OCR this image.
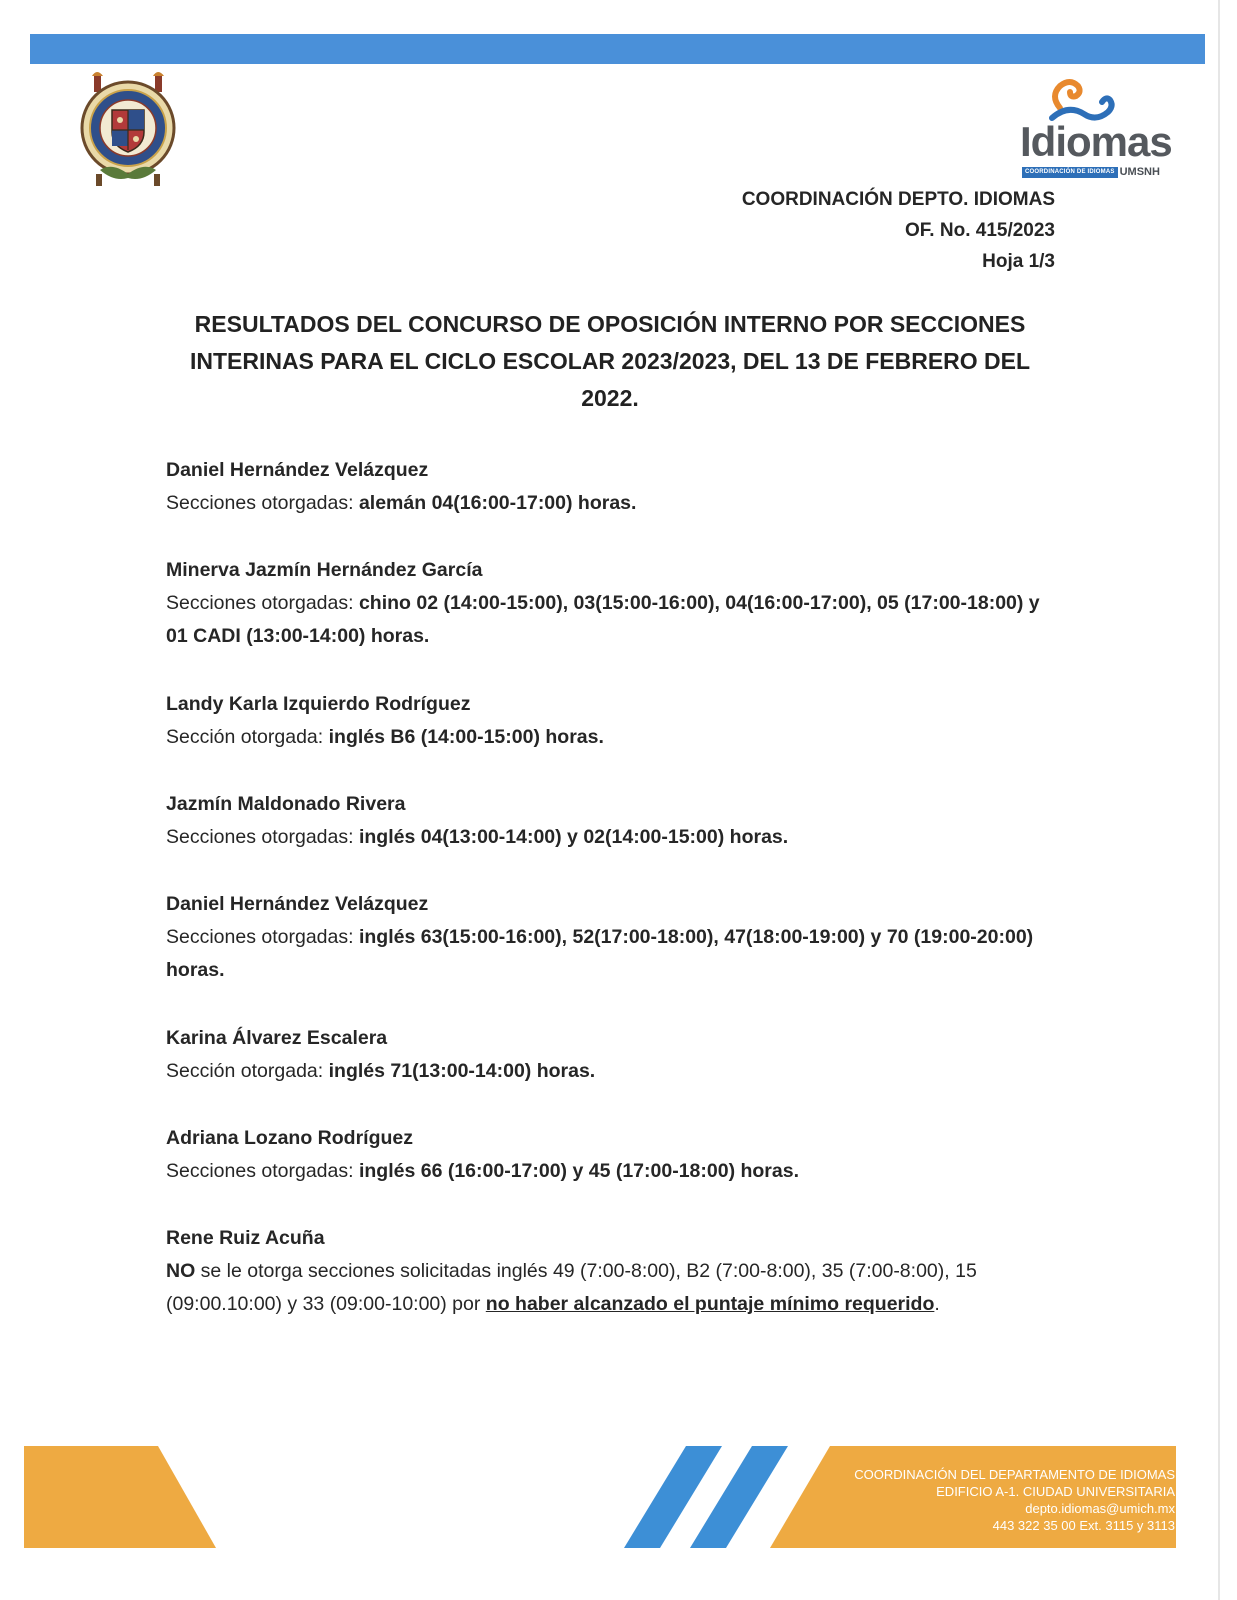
Idiomas
COORDINACIÓN DE IDIOMAS UMSNH
COORDINACIÓN DEPTO. IDIOMAS
OF. No. 415/2023
Hoja 1/3
RESULTADOS DEL CONCURSO DE OPOSICIÓN INTERNO POR SECCIONES
INTERINAS PARA EL CICLO ESCOLAR 2023/2023, DEL 13 DE FEBRERO DEL
2022.
Daniel Hernández Velázquez
Secciones otorgadas: alemán 04(16:00-17:00) horas.
Minerva Jazmín Hernández García
Secciones otorgadas: chino 02 (14:00-15:00), 03(15:00-16:00), 04(16:00-17:00), 05 (17:00-18:00) y 01 CADI (13:00-14:00) horas.
Landy Karla Izquierdo Rodríguez
Sección otorgada: inglés B6 (14:00-15:00) horas.
Jazmín Maldonado Rivera
Secciones otorgadas: inglés 04(13:00-14:00) y 02(14:00-15:00) horas.
Daniel Hernández Velázquez
Secciones otorgadas: inglés 63(15:00-16:00), 52(17:00-18:00), 47(18:00-19:00) y 70 (19:00-20:00) horas.
Karina Álvarez Escalera
Sección otorgada: inglés 71(13:00-14:00) horas.
Adriana Lozano Rodríguez
Secciones otorgadas: inglés 66 (16:00-17:00) y 45 (17:00-18:00) horas.
Rene Ruiz Acuña
NO se le otorga secciones solicitadas inglés 49 (7:00-8:00), B2 (7:00-8:00), 35 (7:00-8:00), 15 (09:00.10:00) y 33 (09:00-10:00) por no haber alcanzado el puntaje mínimo requerido.
COORDINACIÓN DEL DEPARTAMENTO DE IDIOMAS
EDIFICIO A-1. CIUDAD UNIVERSITARIA
depto.idiomas@umich.mx
443 322 35 00 Ext. 3115 y 3113
